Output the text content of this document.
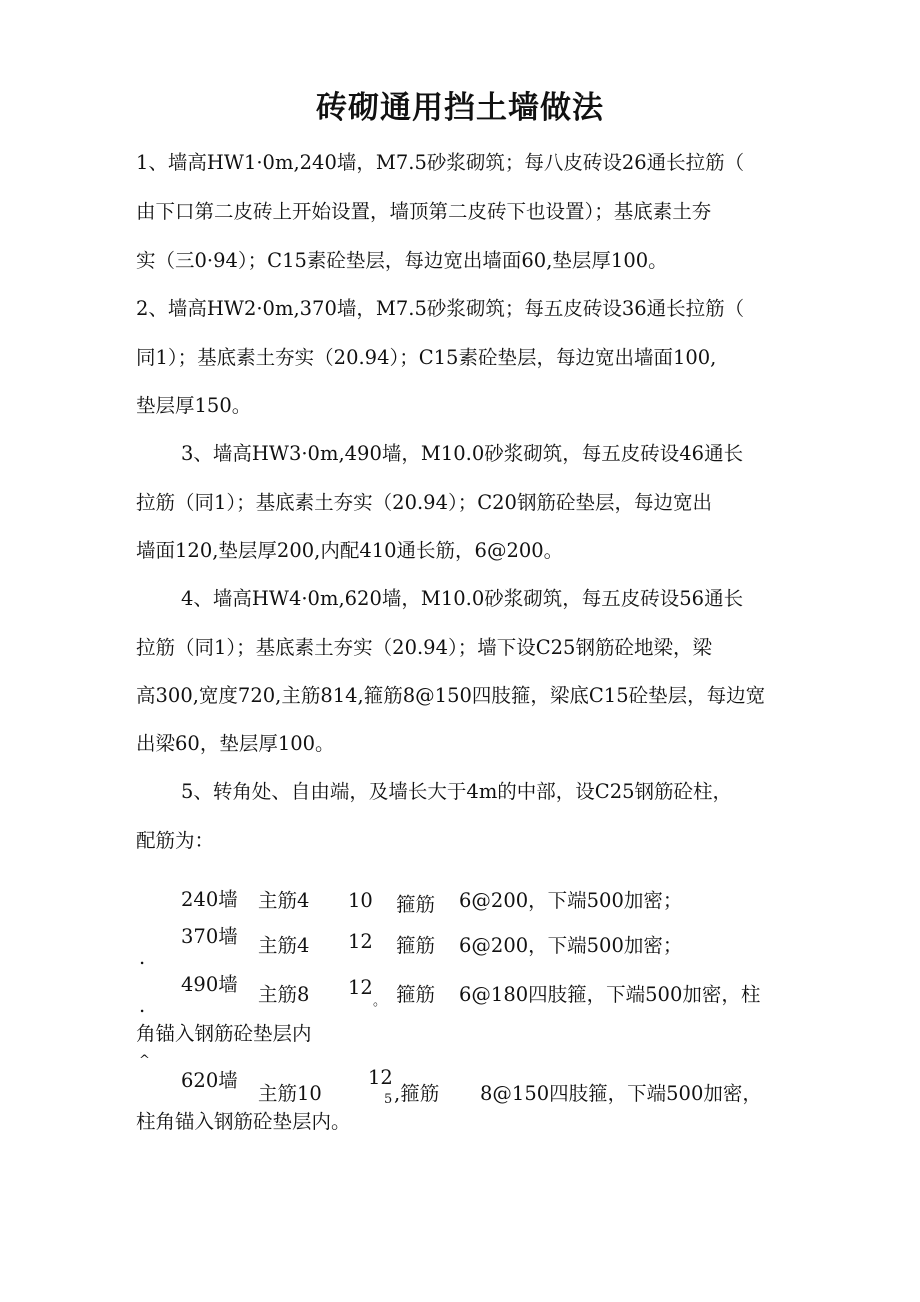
砖砌通用挡土墙做法
1、墙高HW1·0m,240墙，M7.5砂浆砌筑；每八皮砖设26通长拉筋（
由下口第二皮砖上开始设置，墙顶第二皮砖下也设置）；基底素土夯
实（三0·94）；C15素砼垫层，每边宽出墙面60,垫层厚100。
2、墙高HW2·0m,370墙，M7.5砂浆砌筑；每五皮砖设36通长拉筋（
同1）；基底素土夯实（20.94）；C15素砼垫层，每边宽出墙面100,
垫层厚150。
3、墙高HW3·0m,490墙，M10.0砂浆砌筑，每五皮砖设46通长
拉筋（同1）；基底素土夯实（20.94）；C20钢筋砼垫层，每边宽出
墙面120,垫层厚200,内配410通长筋，6@200。
4、墙高HW4·0m,620墙，M10.0砂浆砌筑，每五皮砖设56通长
拉筋（同1）；基底素土夯实（20.94）；墙下设C25钢筋砼地梁，梁
高300,宽度720,主筋814,箍筋8@150四肢箍，梁底C15砼垫层，每边宽
出梁60，垫层厚100。
5、转角处、自由端，及墙长大于4m的中部，设C25钢筋砼柱，
配筋为：
240墙 主筋4 10 箍筋 6@200，下端500加密；
370墙 主筋4 12 箍筋 6@200，下端500加密；
.
490墙 主筋8 12
。 箍筋 6@180四肢箍，下端500加密，柱
.
角锚入钢筋砼垫层内
^
620墙
主筋10
12
5 ,箍筋 8@150四肢箍，下端500加密，
柱角锚入钢筋砼垫层内。
